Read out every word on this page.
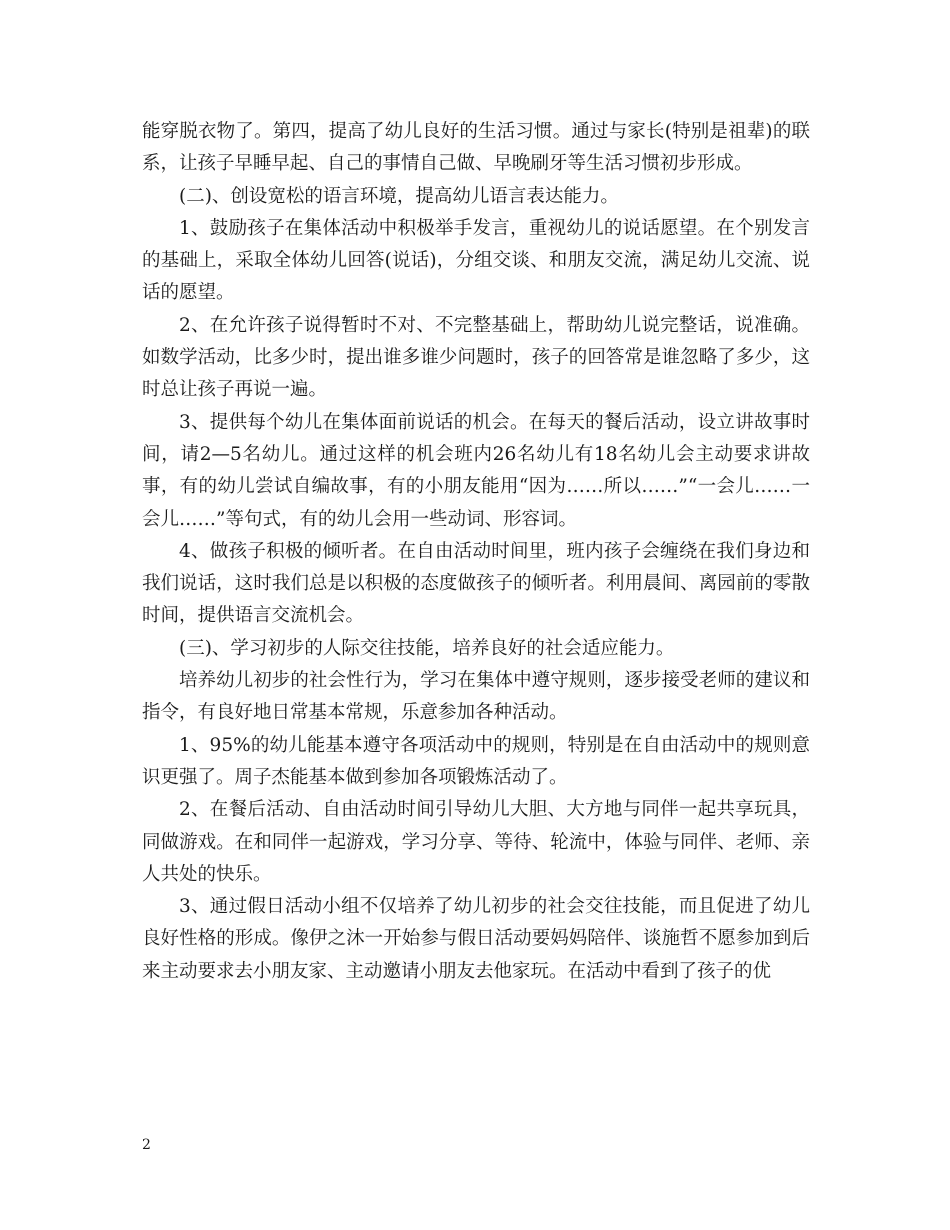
能穿脱衣物了。第四，提高了幼儿良好的生活习惯。通过与家长(特别是祖辈)的联系，让孩子早睡早起、自己的事情自己做、早晚刷牙等生活习惯初步形成。

(二)、创设宽松的语言环境，提高幼儿语言表达能力。

1、鼓励孩子在集体活动中积极举手发言，重视幼儿的说话愿望。在个别发言的基础上，采取全体幼儿回答(说话)，分组交谈、和朋友交流，满足幼儿交流、说话的愿望。

2、在允许孩子说得暂时不对、不完整基础上，帮助幼儿说完整话，说准确。如数学活动，比多少时，提出谁多谁少问题时，孩子的回答常是谁忽略了多少，这时总让孩子再说一遍。

3、提供每个幼儿在集体面前说话的机会。在每天的餐后活动，设立讲故事时间，请2—5名幼儿。通过这样的机会班内26名幼儿有18名幼儿会主动要求讲故事，有的幼儿尝试自编故事，有的小朋友能用“因为……所以……”“一会儿……一会儿……”等句式，有的幼儿会用一些动词、形容词。

4、做孩子积极的倾听者。在自由活动时间里，班内孩子会缠绕在我们身边和我们说话，这时我们总是以积极的态度做孩子的倾听者。利用晨间、离园前的零散时间，提供语言交流机会。

(三)、学习初步的人际交往技能，培养良好的社会适应能力。

培养幼儿初步的社会性行为，学习在集体中遵守规则，逐步接受老师的建议和指令，有良好地日常基本常规，乐意参加各种活动。

1、95%的幼儿能基本遵守各项活动中的规则，特别是在自由活动中的规则意识更强了。周子杰能基本做到参加各项锻炼活动了。

2、在餐后活动、自由活动时间引导幼儿大胆、大方地与同伴一起共享玩具，同做游戏。在和同伴一起游戏，学习分享、等待、轮流中，体验与同伴、老师、亲人共处的快乐。

3、通过假日活动小组不仅培养了幼儿初步的社会交往技能，而且促进了幼儿良好性格的形成。像伊之沐一开始参与假日活动要妈妈陪伴、谈施哲不愿参加到后来主动要求去小朋友家、主动邀请小朋友去他家玩。在活动中看到了孩子的优

2
